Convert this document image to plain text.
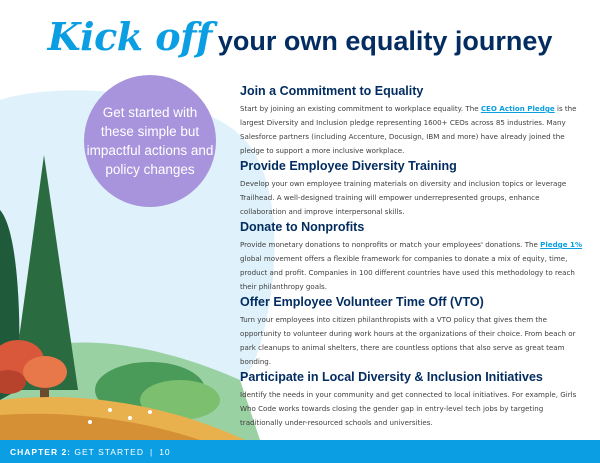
Kick off your own equality journey
Get started with these simple but impactful actions and policy changes
Join a Commitment to Equality
Start by joining an existing commitment to workplace equality. The CEO Action Pledge is the largest Diversity and Inclusion pledge representing 1600+ CEOs across 85 industries. Many Salesforce partners (including Accenture, Docusign, IBM and more) have already joined the pledge to support a more inclusive workplace.
Provide Employee Diversity Training
Develop your own employee training materials on diversity and inclusion topics or leverage Trailhead. A well-designed training will empower underrepresented groups, enhance collaboration and improve interpersonal skills.
Donate to Nonprofits
Provide monetary donations to nonprofits or match your employees' donations. The Pledge 1% global movement offers a flexible framework for companies to donate a mix of equity, time, product and profit. Companies in 100 different countries have used this methodology to reach their philanthropy goals.
Offer Employee Volunteer Time Off (VTO)
Turn your employees into citizen philanthropists with a VTO policy that gives them the opportunity to volunteer during work hours at the organizations of their choice. From beach or park cleanups to animal shelters, there are countless options that also serve as great team bonding.
Participate in Local Diversity & Inclusion Initiatives
Identify the needs in your community and get connected to local initiatives. For example, Girls Who Code works towards closing the gender gap in entry-level tech jobs by targeting traditionally under-resourced schools and universities.
CHAPTER 2:
GET STARTED | 10
